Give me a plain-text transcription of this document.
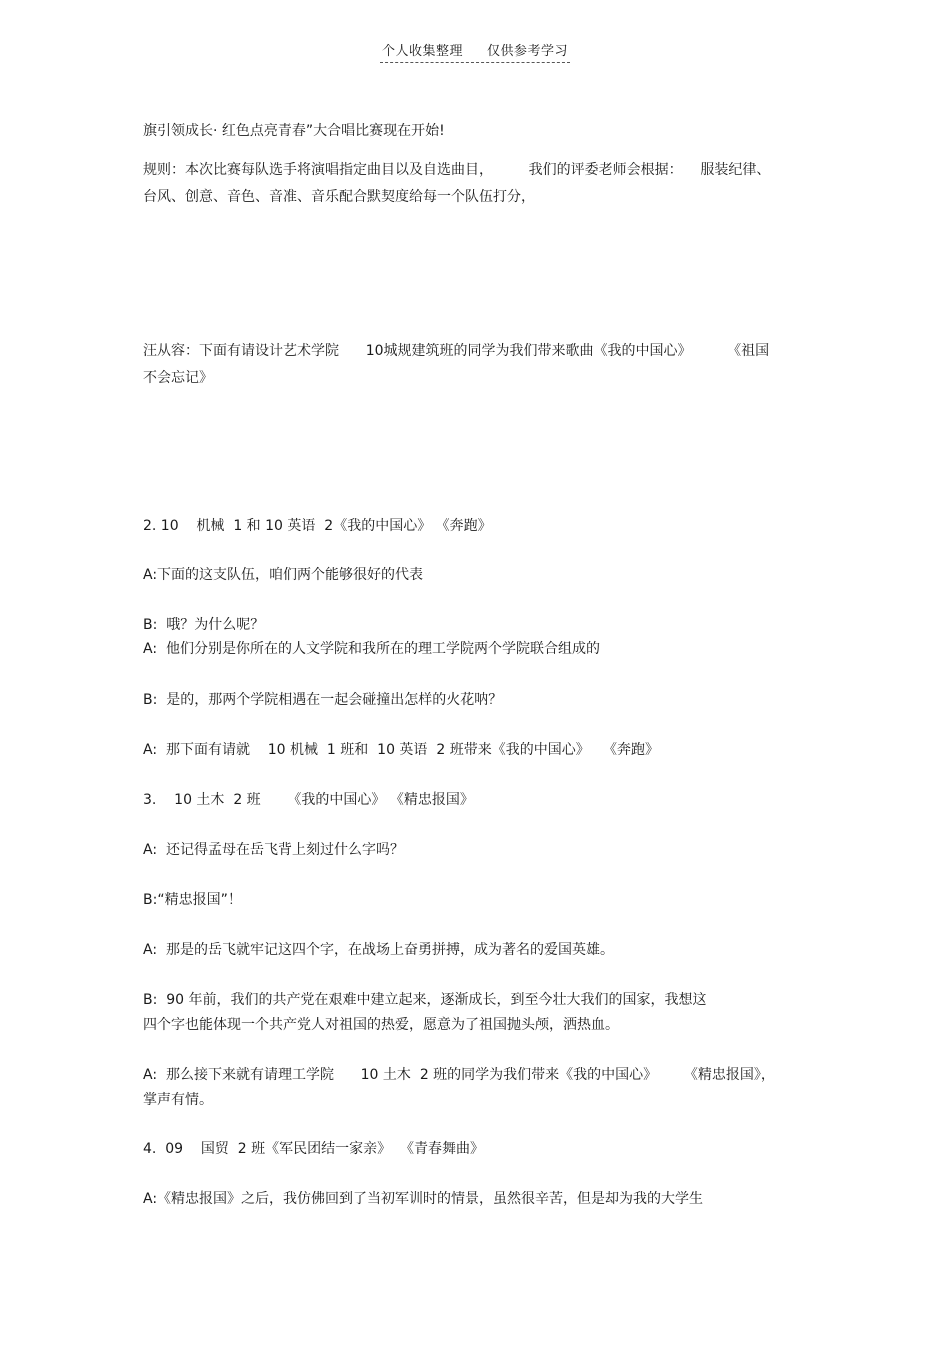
个人收集整理 仅供参考学习
旗引领成长· 红色点亮青春”大合唱比赛现在开始!
规则：本次比赛每队选手将演唱指定曲目以及自选曲目，        我们的评委老师会根据：    服装纪律、
台风、创意、音色、音准、音乐配合默契度给每一个队伍打分，
汪从容：下面有请设计艺术学院      10城规建筑班的同学为我们带来歌曲《我的中国心》        《祖国
不会忘记》
2. 10    机械  1 和 10 英语  2《我的中国心》 《奔跑》
A:下面的这支队伍，咱们两个能够很好的代表
B:  哦？为什么呢？
A:  他们分别是你所在的人文学院和我所在的理工学院两个学院联合组成的
B:  是的，那两个学院相遇在一起会碰撞出怎样的火花呐？
A:  那下面有请就    10 机械  1 班和  10 英语  2 班带来《我的中国心》   《奔跑》
3.    10 土木  2 班      《我的中国心》 《精忠报国》
A:  还记得孟母在岳飞背上刻过什么字吗？
B:“精忠报国”！
A:  那是的岳飞就牢记这四个字，在战场上奋勇拼搏，成为著名的爱国英雄。
B:  90 年前，我们的共产党在艰难中建立起来，逐渐成长，到至今壮大我们的国家，我想这
四个字也能体现一个共产党人对祖国的热爱，愿意为了祖国抛头颅，洒热血。
A:  那么接下来就有请理工学院      10 土木  2 班的同学为我们带来《我的中国心》      《精忠报国》，
掌声有情。
4.  09    国贸  2 班《军民团结一家亲》  《青春舞曲》
A:《精忠报国》之后，我仿佛回到了当初军训时的情景，虽然很辛苦，但是却为我的大学生
